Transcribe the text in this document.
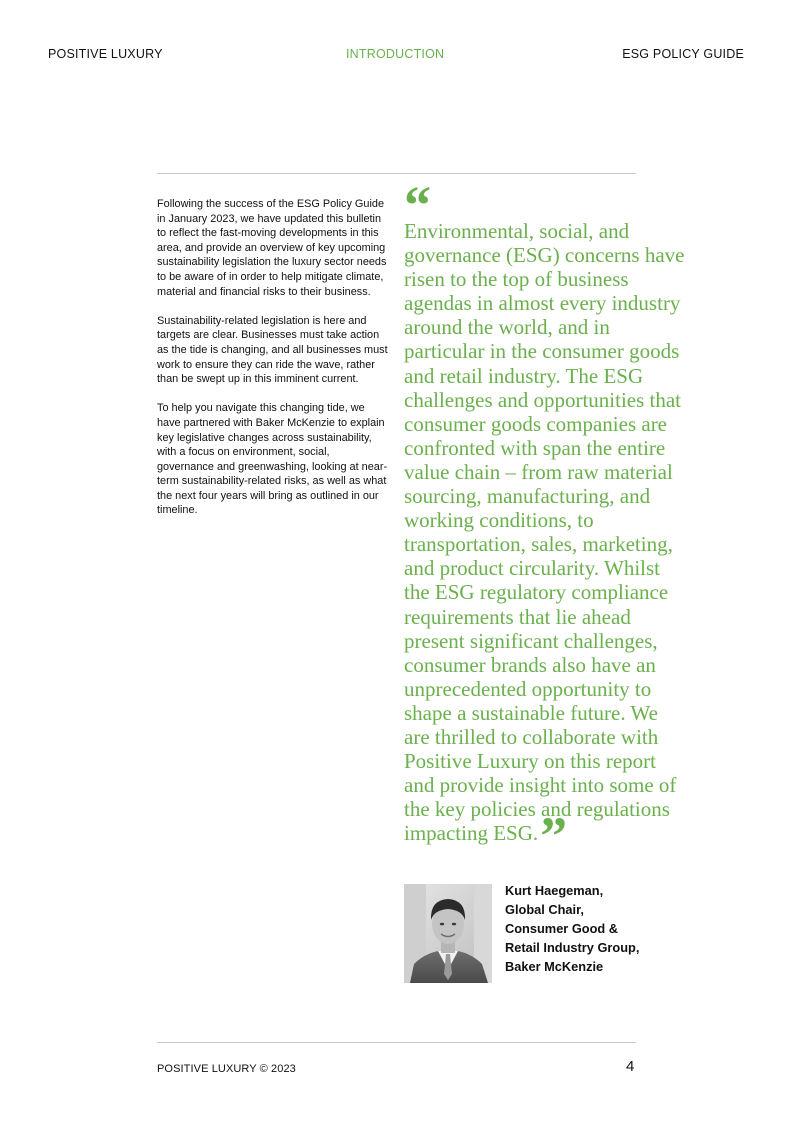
POSITIVE LUXURY	INTRODUCTION	ESG POLICY GUIDE

Following the success of the ESG Policy Guide in January 2023, we have updated this bulletin to reflect the fast-moving developments in this area, and provide an overview of key upcoming sustainability legislation the luxury sector needs to be aware of in order to help mitigate climate, material and financial risks to their business.

Sustainability-related legislation is here and targets are clear. Businesses must take action as the tide is changing, and all businesses must work to ensure they can ride the wave, rather than be swept up in this imminent current.

To help you navigate this changing tide, we have partnered with Baker McKenzie to explain key legislative changes across sustainability, with a focus on environment, social, governance and greenwashing, looking at near-term sustainability-related risks, as well as what the next four years will bring as outlined in our timeline.

“

Environmental, social, and governance (ESG) concerns have risen to the top of business agendas in almost every industry around the world, and in particular in the consumer goods and retail industry. The ESG challenges and opportunities that consumer goods companies are confronted with span the entire value chain – from raw material sourcing, manufacturing, and working conditions, to transportation, sales, marketing, and product circularity. Whilst the ESG regulatory compliance requirements that lie ahead present significant challenges, consumer brands also have an unprecedented opportunity to shape a sustainable future. We are thrilled to collaborate with Positive Luxury on this report and provide insight into some of the key policies and regulations impacting ESG.”

Kurt Haegeman,
Global Chair,
Consumer Good &
Retail Industry Group,
Baker McKenzie
POSITIVE LUXURY © 2023	4
